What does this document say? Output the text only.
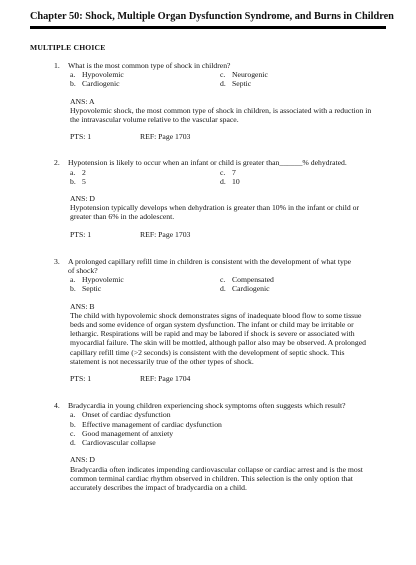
Chapter 50: Shock, Multiple Organ Dysfunction Syndrome, and Burns in Children
MULTIPLE CHOICE
1.	What is the most common type of shock in children?
a. Hypovolemic	c. Neurogenic
b. Cardiogenic	d. Septic
ANS: A
Hypovolemic shock, the most common type of shock in children, is associated with a reduction in the intravascular volume relative to the vascular space.
PTS: 1	REF: Page 1703
2.	Hypotension is likely to occur when an infant or child is greater than______% dehydrated.
a. 2	c. 7
b. 5	d. 10
ANS: D
Hypotension typically develops when dehydration is greater than 10% in the infant or child or greater than 6% in the adolescent.
PTS: 1	REF: Page 1703
3.	A prolonged capillary refill time in children is consistent with the development of what type of shock?
a. Hypovolemic	c. Compensated
b. Septic	d. Cardiogenic
ANS: B
The child with hypovolemic shock demonstrates signs of inadequate blood flow to some tissue beds and some evidence of organ system dysfunction. The infant or child may be irritable or lethargic. Respirations will be rapid and may be labored if shock is severe or associated with myocardial failure. The skin will be mottled, although pallor also may be observed. A prolonged capillary refill time (>2 seconds) is consistent with the development of septic shock. This statement is not necessarily true of the other types of shock.
PTS: 1	REF: Page 1704
4.	Bradycardia in young children experiencing shock symptoms often suggests which result?
a. Onset of cardiac dysfunction
b. Effective management of cardiac dysfunction
c. Good management of anxiety
d. Cardiovascular collapse
ANS: D
Bradycardia often indicates impending cardiovascular collapse or cardiac arrest and is the most common terminal cardiac rhythm observed in children. This selection is the only option that accurately describes the impact of bradycardia on a child.
